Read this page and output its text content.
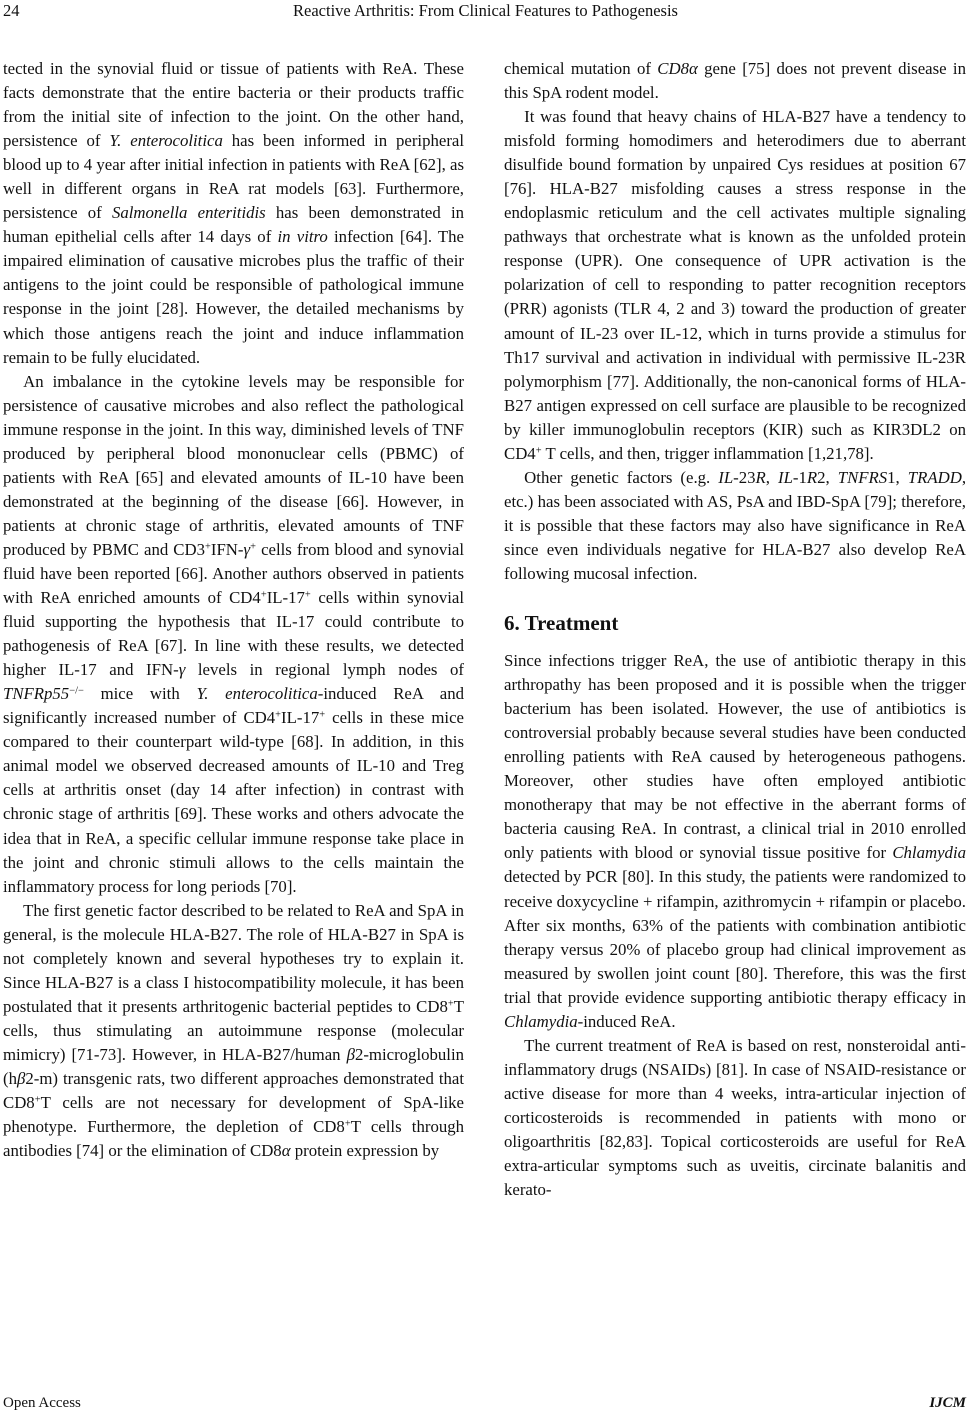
24	Reactive Arthritis: From Clinical Features to Pathogenesis

tected in the synovial fluid or tissue of patients with ReA. These facts demonstrate that the entire bacteria or their products traffic from the initial site of infection to the joint. On the other hand, persistence of Y. enterocolitica has been informed in peripheral blood up to 4 year after initial infection in patients with ReA [62], as well in different organs in ReA rat models [63]. Furthermore, persistence of Salmonella enteritidis has been demonstrated in human epithelial cells after 14 days of in vitro infection [64]. The impaired elimination of causative microbes plus the traffic of their antigens to the joint could be responsible of pathological immune response in the joint [28]. However, the detailed mechanisms by which those antigens reach the joint and induce inflammation remain to be fully elucidated.

An imbalance in the cytokine levels may be responsible for persistence of causative microbes and also reflect the pathological immune response in the joint. In this way, diminished levels of TNF produced by peripheral blood mononuclear cells (PBMC) of patients with ReA [65] and elevated amounts of IL-10 have been demonstrated at the beginning of the disease [66]. However, in patients at chronic stage of arthritis, elevated amounts of TNF produced by PBMC and CD3+IFN-γ+ cells from blood and synovial fluid have been reported [66]. Another authors observed in patients with ReA enriched amounts of CD4+IL-17+ cells within synovial fluid supporting the hypothesis that IL-17 could contribute to pathogenesis of ReA [67]. In line with these results, we detected higher IL-17 and IFN-γ levels in regional lymph nodes of TNFRp55−/− mice with Y. enterocolitica-induced ReA and significantly increased number of CD4+IL-17+ cells in these mice compared to their counterpart wild-type [68]. In addition, in this animal model we observed decreased amounts of IL-10 and Treg cells at arthritis onset (day 14 after infection) in contrast with chronic stage of arthritis [69]. These works and others advocate the idea that in ReA, a specific cellular immune response take place in the joint and chronic stimuli allows to the cells maintain the inflammatory process for long periods [70].

The first genetic factor described to be related to ReA and SpA in general, is the molecule HLA-B27. The role of HLA-B27 in SpA is not completely known and several hypotheses try to explain it. Since HLA-B27 is a class I histocompatibility molecule, it has been postulated that it presents arthritogenic bacterial peptides to CD8+T cells, thus stimulating an autoimmune response (molecular mimicry) [71-73]. However, in HLA-B27/human β2-microglobulin (hβ2-m) transgenic rats, two different approaches demonstrated that CD8+T cells are not necessary for development of SpA-like phenotype. Furthermore, the depletion of CD8+T cells through antibodies [74] or the elimination of CD8α protein expression by

chemical mutation of CD8α gene [75] does not prevent disease in this SpA rodent model.

It was found that heavy chains of HLA-B27 have a tendency to misfold forming homodimers and heterodimers due to aberrant disulfide bound formation by unpaired Cys residues at position 67 [76]. HLA-B27 misfolding causes a stress response in the endoplasmic reticulum and the cell activates multiple signaling pathways that orchestrate what is known as the unfolded protein response (UPR). One consequence of UPR activation is the polarization of cell to responding to patter recognition receptors (PRR) agonists (TLR 4, 2 and 3) toward the production of greater amount of IL-23 over IL-12, which in turns provide a stimulus for Th17 survival and activation in individual with permissive IL-23R polymorphism [77]. Additionally, the non-canonical forms of HLA-B27 antigen expressed on cell surface are plausible to be recognized by killer immunoglobulin receptors (KIR) such as KIR3DL2 on CD4+ T cells, and then, trigger inflammation [1,21,78].

Other genetic factors (e.g. IL-23R, IL-1R2, TNFRS1, TRADD, etc.) has been associated with AS, PsA and IBD-SpA [79]; therefore, it is possible that these factors may also have significance in ReA since even individuals negative for HLA-B27 also develop ReA following mucosal infection.

6. Treatment

Since infections trigger ReA, the use of antibiotic therapy in this arthropathy has been proposed and it is possible when the trigger bacterium has been isolated. However, the use of antibiotics is controversial probably because several studies have been conducted enrolling patients with ReA caused by heterogeneous pathogens. Moreover, other studies have often employed antibiotic monotherapy that may be not effective in the aberrant forms of bacteria causing ReA. In contrast, a clinical trial in 2010 enrolled only patients with blood or synovial tissue positive for Chlamydia detected by PCR [80]. In this study, the patients were randomized to receive doxycycline + rifampin, azithromycin + rifampin or placebo. After six months, 63% of the patients with combination antibiotic therapy versus 20% of placebo group had clinical improvement as measured by swollen joint count [80]. Therefore, this was the first trial that provide evidence supporting antibiotic therapy efficacy in Chlamydia-induced ReA.

The current treatment of ReA is based on rest, nonsteroidal anti-inflammatory drugs (NSAIDs) [81]. In case of NSAID-resistance or active disease for more than 4 weeks, intra-articular injection of corticosteroids is recommended in patients with mono or oligoarthritis [82,83]. Topical corticosteroids are useful for ReA extra-articular symptoms such as uveitis, circinate balanitis and kerato-

Open Access	IJCM
